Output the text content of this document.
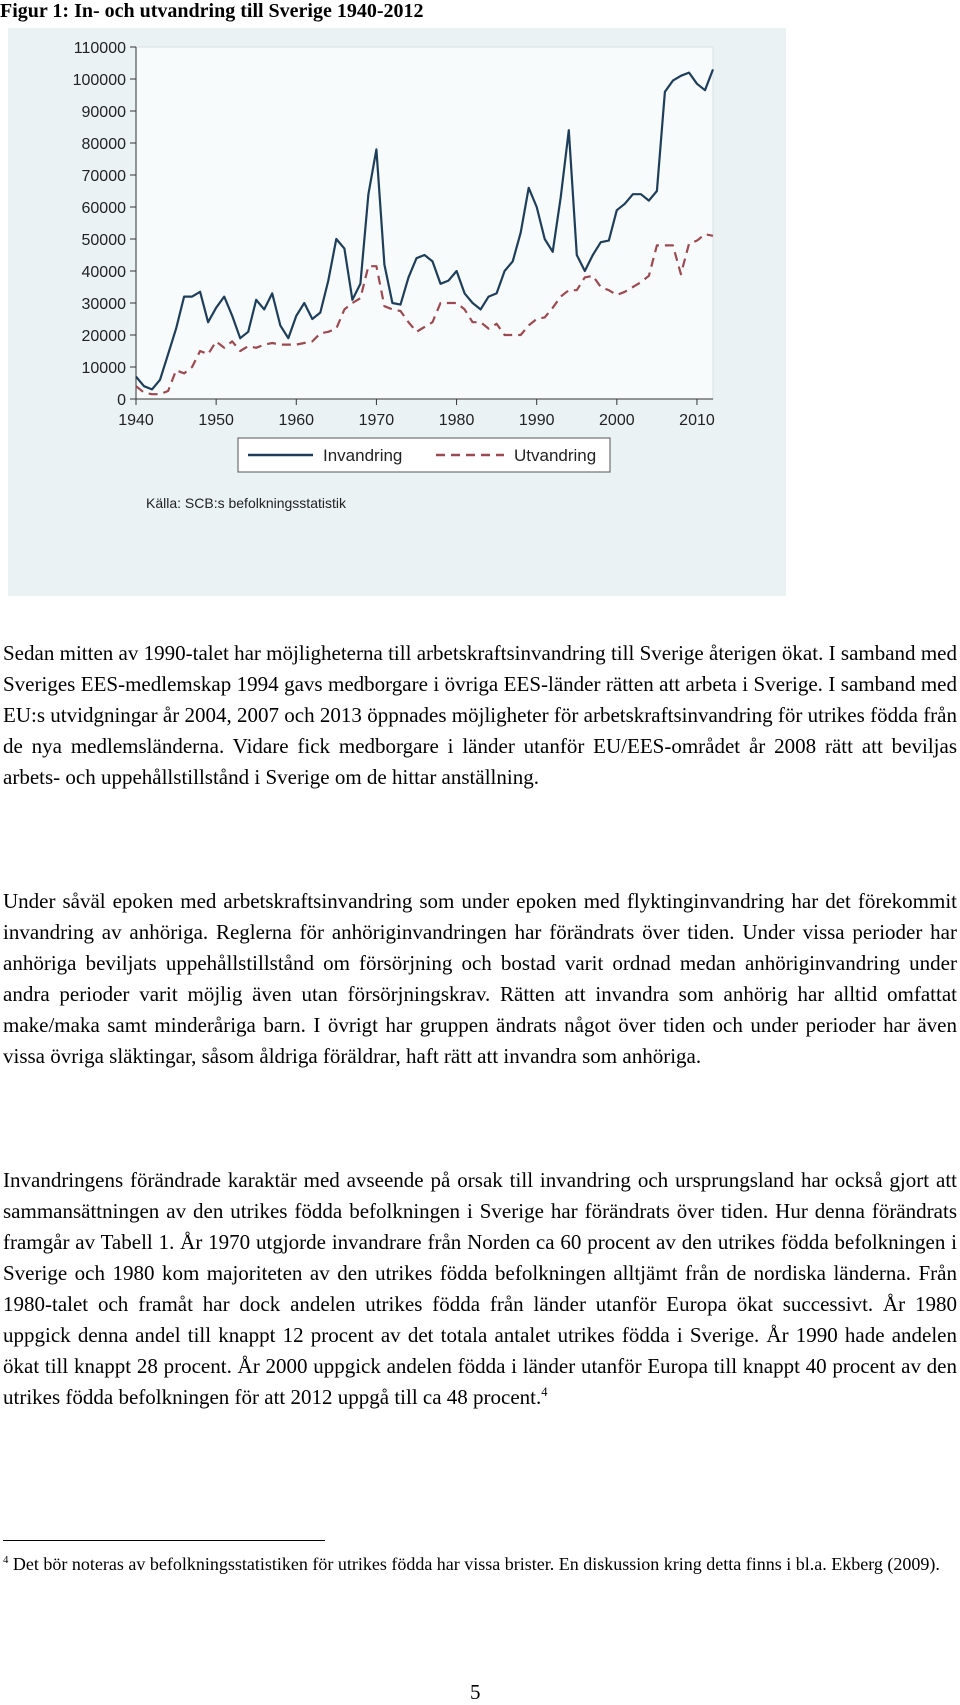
Figur 1: In- och utvandring till Sverige 1940-2012
0
10000
20000
30000
40000
50000
60000
70000
80000
90000
100000
110000
1940	1950	1960	1970	1980	1990	2000	2010
Invandring	Utvandring
Källa: SCB:s befolkningsstatistik

Sedan mitten av 1990-talet har möjligheterna till arbetskraftsinvandring till Sverige återigen ökat. I samband med Sveriges EES-medlemskap 1994 gavs medborgare i övriga EES-länder rätten att arbeta i Sverige. I samband med EU:s utvidgningar år 2004, 2007 och 2013 öppnades möjligheter för arbetskraftsinvandring för utrikes födda från de nya medlemsländerna. Vidare fick medborgare i länder utanför EU/EES-området år 2008 rätt att beviljas arbets- och uppehållstillstånd i Sverige om de hittar anställning.

Under såväl epoken med arbetskraftsinvandring som under epoken med flyktinginvandring har det förekommit invandring av anhöriga. Reglerna för anhöriginvandringen har förändrats över tiden. Under vissa perioder har anhöriga beviljats uppehållstillstånd om försörjning och bostad varit ordnad medan anhöriginvandring under andra perioder varit möjlig även utan försörjningskrav. Rätten att invandra som anhörig har alltid omfattat make/maka samt minderåriga barn. I övrigt har gruppen ändrats något över tiden och under perioder har även vissa övriga släktingar, såsom åldriga föräldrar, haft rätt att invandra som anhöriga.

Invandringens förändrade karaktär med avseende på orsak till invandring och ursprungsland har också gjort att sammansättningen av den utrikes födda befolkningen i Sverige har förändrats över tiden. Hur denna förändrats framgår av Tabell 1. År 1970 utgjorde invandrare från Norden ca 60 procent av den utrikes födda befolkningen i Sverige och 1980 kom majoriteten av den utrikes födda befolkningen alltjämt från de nordiska länderna. Från 1980-talet och framåt har dock andelen utrikes födda från länder utanför Europa ökat successivt. År 1980 uppgick denna andel till knappt 12 procent av det totala antalet utrikes födda i Sverige. År 1990 hade andelen ökat till knappt 28 procent. År 2000 uppgick andelen födda i länder utanför Europa till knappt 40 procent av den utrikes födda befolkningen för att 2012 uppgå till ca 48 procent.$^4$

$^4$ Det bör noteras av befolkningsstatistiken för utrikes födda har vissa brister. En diskussion kring detta finns i bl.a. Ekberg (2009).

5
